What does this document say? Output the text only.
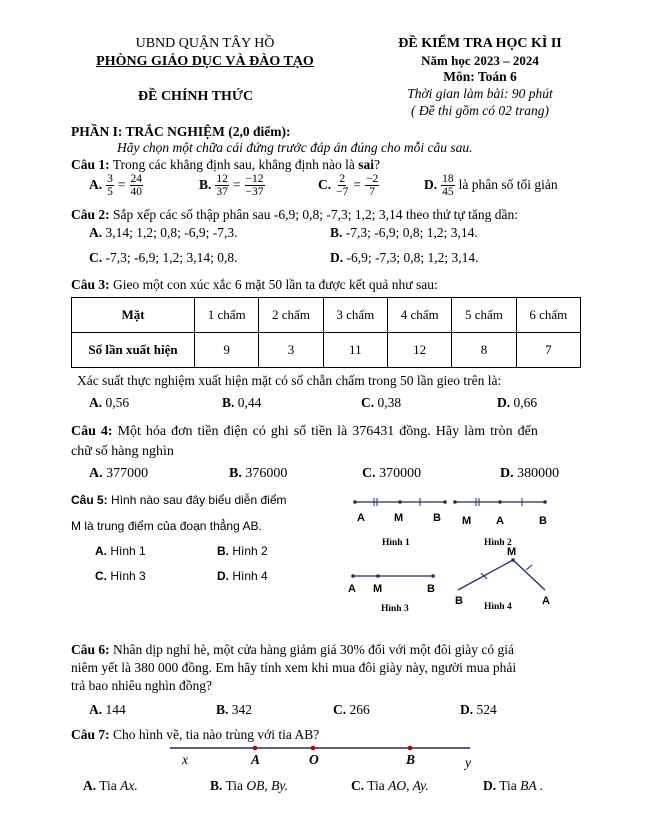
UBND QUẬN TÂY HỒ
PHÒNG GIÁO DỤC VÀ ĐÀO TẠO
ĐỀ CHÍNH THỨC
ĐỀ KIỂM TRA HỌC KÌ II
Năm học 2023 – 2024
Môn: Toán 6
Thời gian làm bài: 90 phút
( Đề thi gồm có 02 trang)
PHẦN I: TRẮC NGHIỆM (2,0 điểm):
Hãy chọn một chữa cái đứng trước đáp án đúng cho mỗi câu sau.
Câu 1: Trong các khẳng định sau, khẳng định nào là sai?
A. $\frac{3}{5} = \frac{24}{40}$	B. $\frac{12}{37} = \frac{-12}{-37}$	C. $\frac{2}{-7} = \frac{-2}{7}$	D. $\frac{18}{45}$ là phân số tối giản
Câu 2: Sắp xếp các số thập phân sau -6,9; 0,8; -7,3; 1,2; 3,14 theo thứ tự tăng dần:
A. 3,14; 1,2; 0,8; -6,9; -7,3.	B. -7,3; -6,9; 0,8; 1,2; 3,14.
C. -7,3; -6,9; 1,2; 3,14; 0,8.	D. -6,9; -7,3; 0,8; 1,2; 3,14.
Câu 3: Gieo một con xúc xắc 6 mặt 50 lần ta được kết quả như sau:
Mặt	1 chấm	2 chấm	3 chấm	4 chấm	5 chấm	6 chấm
Số lần xuất hiện	9	3	11	12	8	7
Xác suất thực nghiệm xuất hiện mặt có số chẵn chấm trong 50 lần gieo trên là:
A. 0,56	B. 0,44	C. 0,38	D. 0,66
Câu 4: Một hóa đơn tiền điện có ghi số tiền là 376431 đồng. Hãy làm tròn đến
chữ số hàng nghìn
A. 377000	B. 376000	C. 370000	D. 380000
Câu 5: Hình nào sau đây biểu diễn điểm
M là trung điểm của đoạn thẳng AB.
A. Hình 1	B. Hình 2
C. Hình 3	D. Hình 4
A	M	B
Hình 1
M A	B
Hình 2
M
A M	B
Hình 3
B Hình 4	A
Câu 6: Nhân dịp nghỉ hè, một cửa hàng giảm giá 30% đối với một đôi giày có giá
niêm yết là 380 000 đồng. Em hãy tính xem khi mua đôi giày này, người mua phải
trả bao nhiêu nghìn đồng?
A. 144	B. 342	C. 266	D. 524
Câu 7: Cho hình vẽ, tia nào trùng với tia AB?
x	A	O	B	y
A. Tia Ax.	B. Tia OB, By.	C. Tia AO, Ay.	D. Tia BA .
